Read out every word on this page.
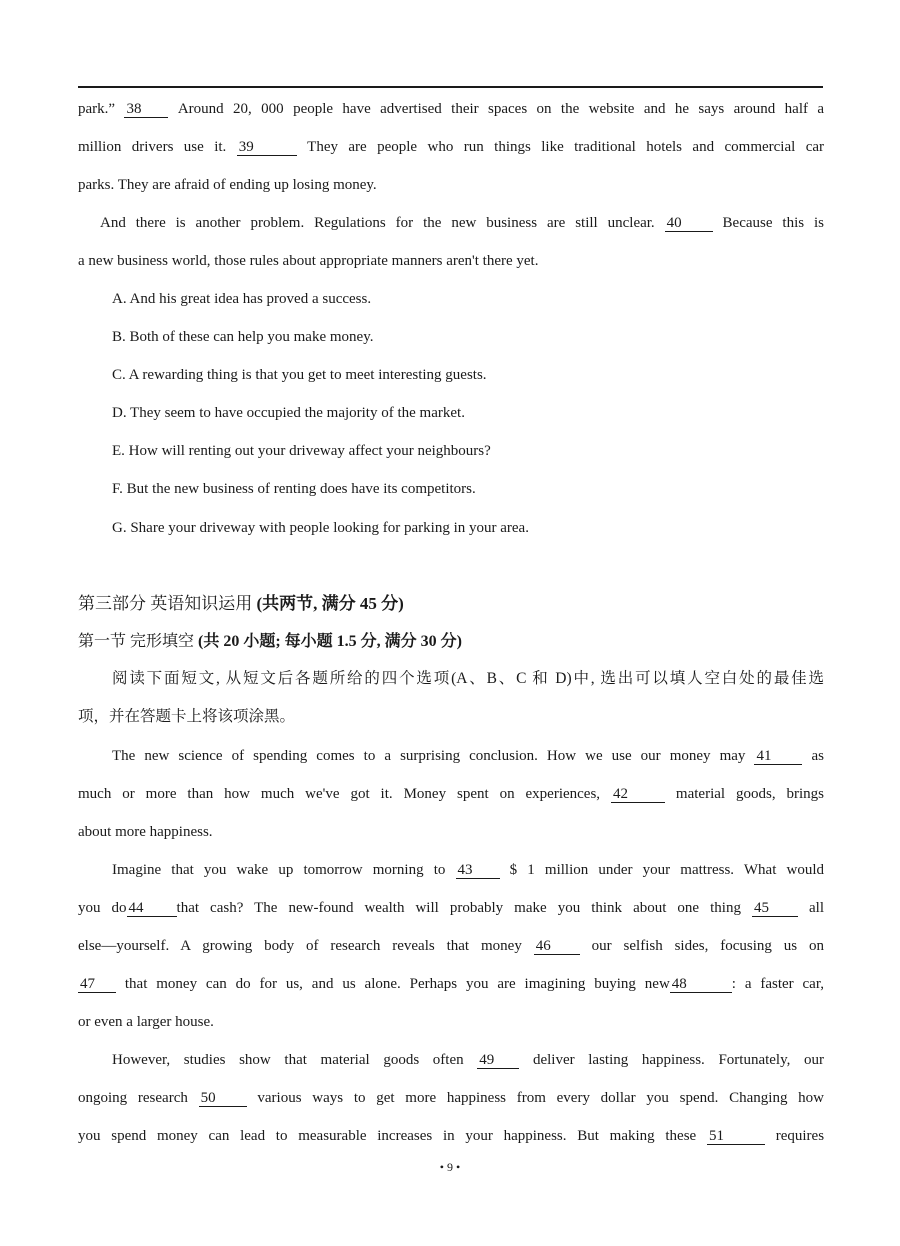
park.” 38 Around 20, 000 people have advertised their spaces on the website and he says around half a
million drivers use it. 39	They are people who run things like traditional hotels and commercial car
parks. They are afraid of ending up losing money.
And there is another problem. Regulations for the new business are still unclear. 40	Because this is
a new business world, those rules about appropriate manners aren't there yet.
A. And his great idea has proved a success.
B. Both of these can help you make money.
C. A rewarding thing is that you get to meet interesting guests.
D. They seem to have occupied the majority of the market.
E. How will renting out your driveway affect your neighbours?
F. But the new business of renting does have its competitors.
G. Share your driveway with people looking for parking in your area.
第三部分 英语知识运用 (共两节, 满分 45 分)
第一节 完形填空 (共 20 小题; 每小题 1.5 分, 满分 30 分)
阅读下面短文, 从短文后各题所给的四个选项(A、B、C 和 D)中, 选出可以填人空白处的最佳选
项，并在答题卡上将该项涂黑。
The new science of spending comes to a surprising conclusion. How we use our money may 41	as
much or more than how much we've got it. Money spent on experiences, 42	material goods, brings
about more happiness.
Imagine that you wake up tomorrow morning to 43 $ 1 million under your mattress. What would
you do 44 that cash? The new-found wealth will probably make you think about one thing 45	all
else—yourself. A growing body of research reveals that money 46	our selfish sides, focusing us on
47 that money can do for us, and us alone. Perhaps you are imagining buying new 48	: a faster car,
or even a larger house.
However, studies show that material goods often 49	deliver lasting happiness. Fortunately, our
ongoing research 50	various ways to get more happiness from every dollar you spend. Changing how
you spend money can lead to measurable increases in your happiness. But making these 51	requires
• 9 •
